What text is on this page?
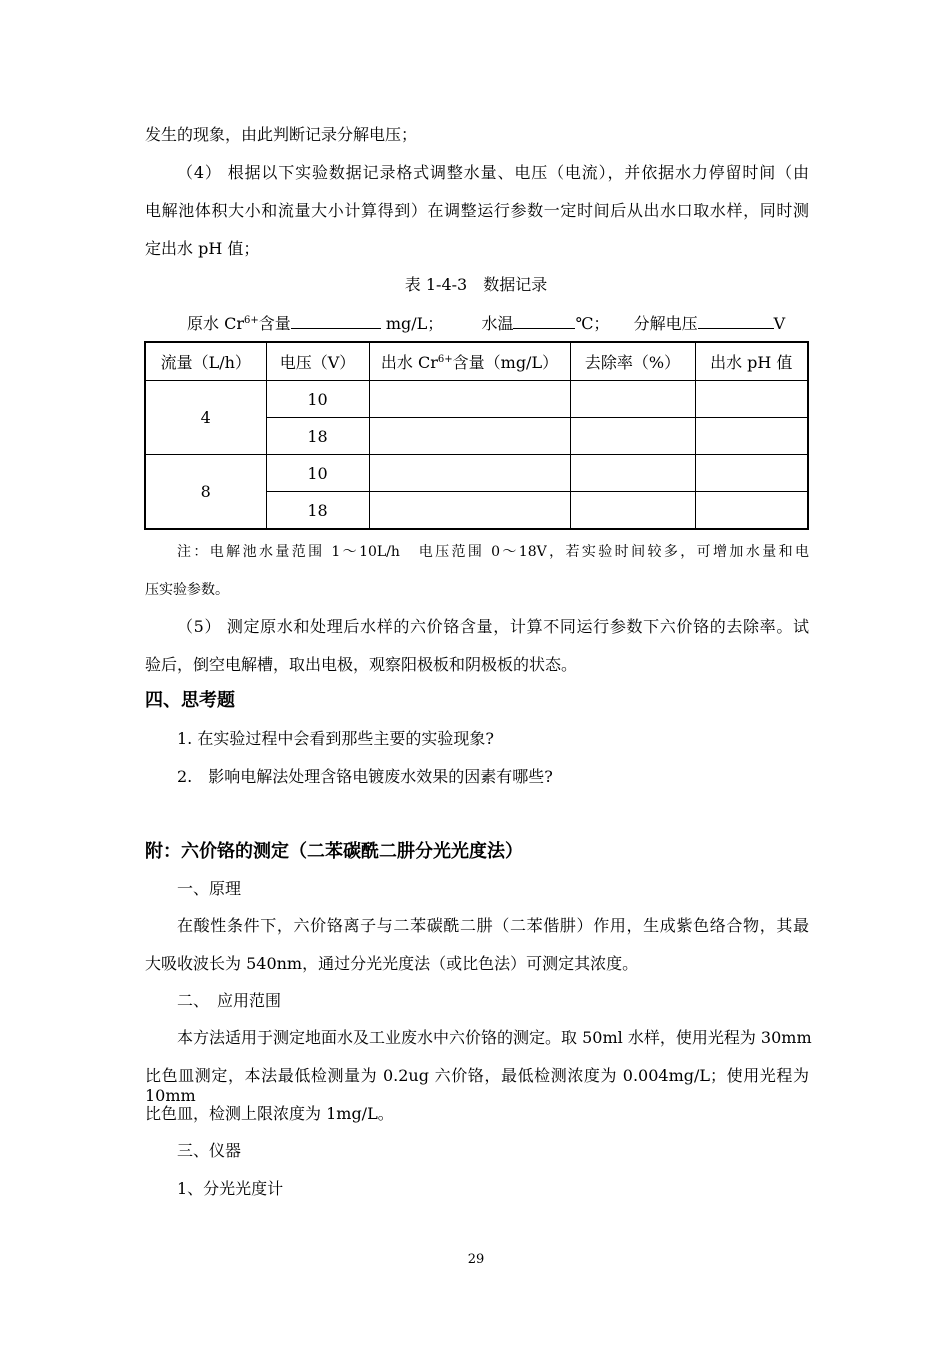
发生的现象，由此判断记录分解电压；
（4） 根据以下实验数据记录格式调整水量、电压（电流），并依据水力停留时间（由
电解池体积大小和流量大小计算得到）在调整运行参数一定时间后从出水口取水样，同时测
定出水 pH 值；
表 1-4-3　数据记录
原水 $Cr^{6+}$含量	mg/L； 水温	℃； 分解电压	V
流量（L/h）	电压（V）	出水 $Cr^{6+}$含量（mg/L）	去除率（%）	出水 pH 值
4	10			
	18			
8	10			
	18			
注：电解池水量范围 1～10L/h　电压范围 0～18V，若实验时间较多，可增加水量和电
压实验参数。
（5） 测定原水和处理后水样的六价铬含量，计算不同运行参数下六价铬的去除率。试
验后，倒空电解槽，取出电极，观察阳极板和阴极板的状态。
四、思考题
1. 在实验过程中会看到那些主要的实验现象?
2.　影响电解法处理含铬电镀废水效果的因素有哪些?
附：六价铬的测定（二苯碳酰二肼分光光度法）
一、原理
在酸性条件下，六价铬离子与二苯碳酰二肼（二苯偕肼）作用，生成紫色络合物，其最
大吸收波长为 540nm，通过分光光度法（或比色法）可测定其浓度。
二、　应用范围
本方法适用于测定地面水及工业废水中六价铬的测定。取 50ml 水样，使用光程为 30mm
比色皿测定，本法最低检测量为 0.2ug 六价铬，最低检测浓度为 0.004mg/L；使用光程为 10mm
比色皿，检测上限浓度为 1mg/L。
三、仪器
1、分光光度计
29
